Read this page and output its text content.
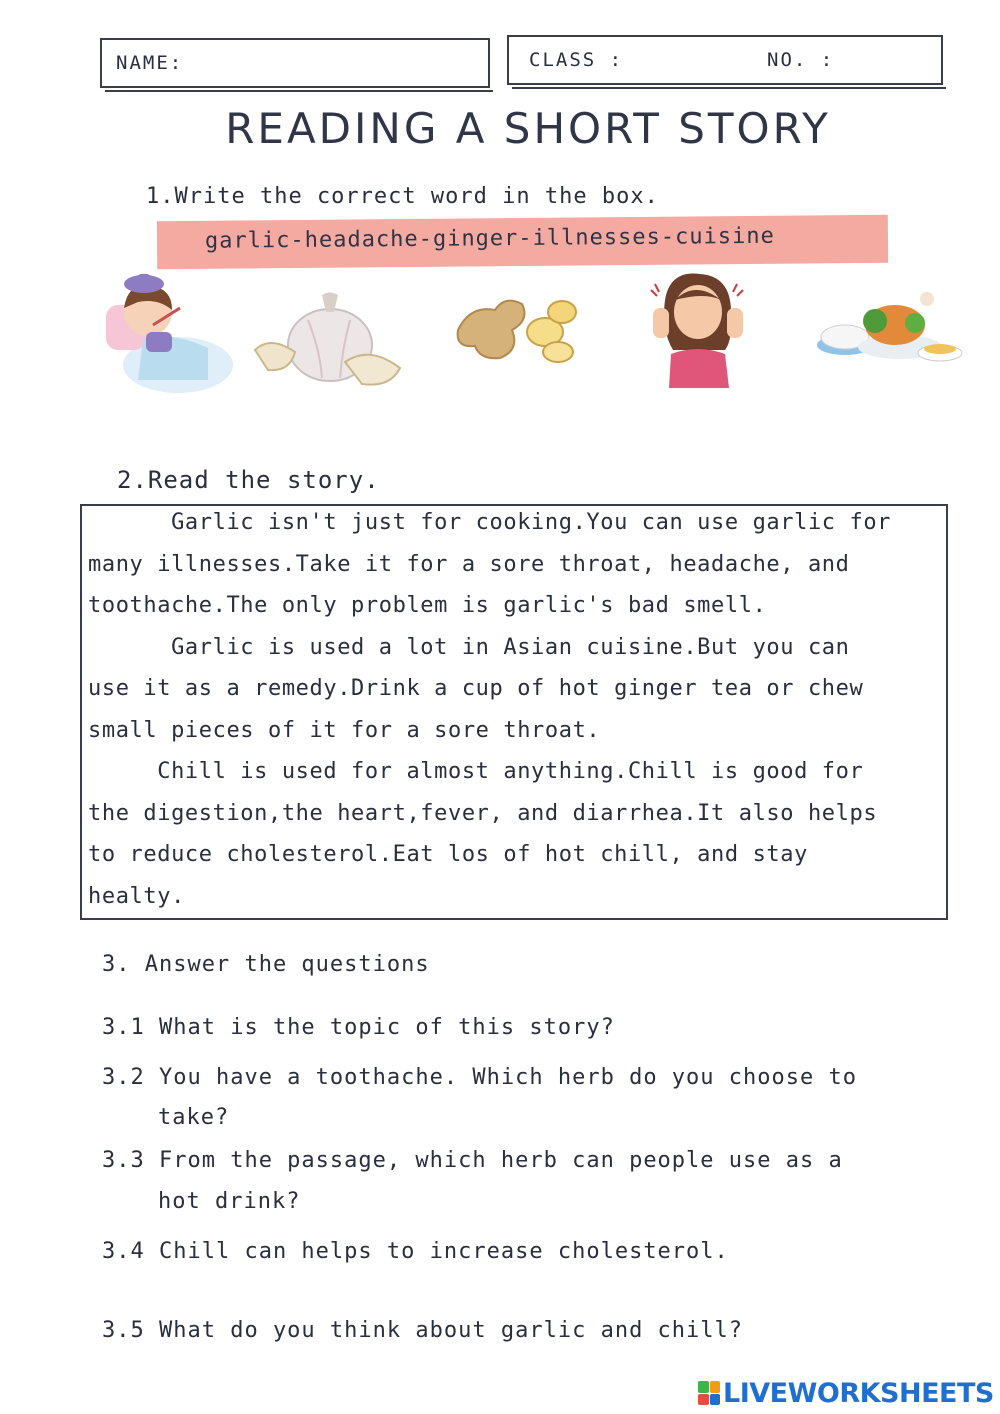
NAME:	CLASS :	NO. :
READING A SHORT STORY
1.Write the correct word in the box.
garlic-headache-ginger-illnesses-cuisine
2.Read the story.
Garlic isn't just for cooking.You can use garlic for
many illnesses.Take it for a sore throat, headache, and
toothache.The only problem is garlic's bad smell.
Garlic is used a lot in Asian cuisine.But you can
use it as a remedy.Drink a cup of hot ginger tea or chew
small pieces of it for a sore throat.
Chill is used for almost anything.Chill is good for
the digestion,the heart,fever, and diarrhea.It also helps
to reduce cholesterol.Eat los of hot chill, and stay
healty.
3. Answer the questions
3.1 What is the topic of this story?
3.2 You have a toothache. Which herb do you choose to
take?
3.3 From the passage, which herb can people use as a
hot drink?
3.4 Chill can helps to increase cholesterol.
3.5 What do you think about garlic and chill?
LIVEWORKSHEETS
